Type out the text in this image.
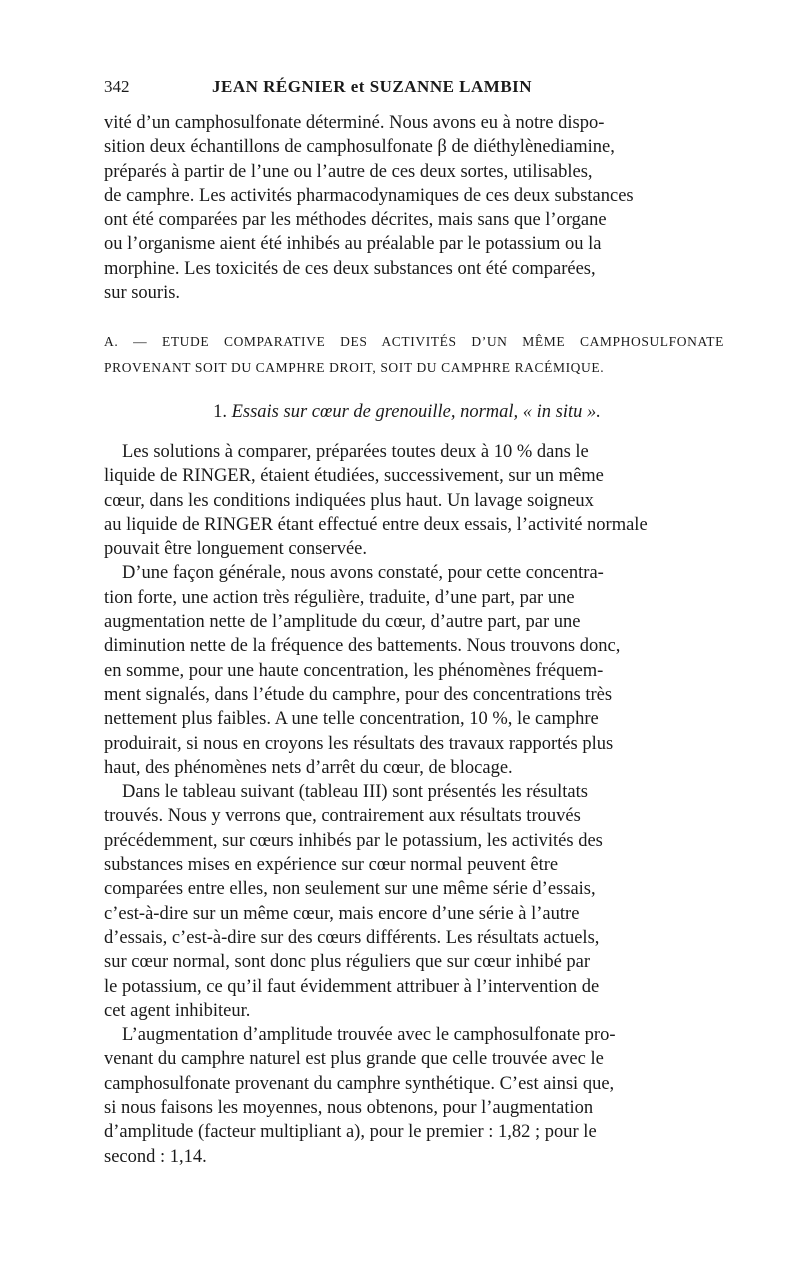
342	JEAN RÉGNIER et SUZANNE LAMBIN

vité d’un camphosulfonate déterminé. Nous avons eu à notre dispo-
sition deux échantillons de camphosulfonate β de diéthylènediamine,
préparés à partir de l’une ou l’autre de ces deux sortes, utilisables,
de camphre. Les activités pharmacodynamiques de ces deux substances
ont été comparées par les méthodes décrites, mais sans que l’organe
ou l’organisme aient été inhibés au préalable par le potassium ou la
morphine. Les toxicités de ces deux substances ont été comparées,
sur souris.

A. — ETUDE COMPARATIVE DES ACTIVITÉS D’UN MÊME CAMPHOSULFONATE
PROVENANT SOIT DU CAMPHRE DROIT, SOIT DU CAMPHRE RACÉMIQUE.
1. Essais sur cœur de grenouille, normal, « in situ ».

Les solutions à comparer, préparées toutes deux à 10 % dans le
liquide de RINGER, étaient étudiées, successivement, sur un même
cœur, dans les conditions indiquées plus haut. Un lavage soigneux
au liquide de RINGER étant effectué entre deux essais, l’activité normale
pouvait être longuement conservée.

D’une façon générale, nous avons constaté, pour cette concentra-
tion forte, une action très régulière, traduite, d’une part, par une
augmentation nette de l’amplitude du cœur, d’autre part, par une
diminution nette de la fréquence des battements. Nous trouvons donc,
en somme, pour une haute concentration, les phénomènes fréquem-
ment signalés, dans l’étude du camphre, pour des concentrations très
nettement plus faibles. A une telle concentration, 10 %, le camphre
produirait, si nous en croyons les résultats des travaux rapportés plus
haut, des phénomènes nets d’arrêt du cœur, de blocage.

Dans le tableau suivant (tableau III) sont présentés les résultats
trouvés. Nous y verrons que, contrairement aux résultats trouvés
précédemment, sur cœurs inhibés par le potassium, les activités des
substances mises en expérience sur cœur normal peuvent être
comparées entre elles, non seulement sur une même série d’essais,
c’est-à-dire sur un même cœur, mais encore d’une série à l’autre
d’essais, c’est-à-dire sur des cœurs différents. Les résultats actuels,
sur cœur normal, sont donc plus réguliers que sur cœur inhibé par
le potassium, ce qu’il faut évidemment attribuer à l’intervention de
cet agent inhibiteur.

L’augmentation d’amplitude trouvée avec le camphosulfonate pro-
venant du camphre naturel est plus grande que celle trouvée avec le
camphosulfonate provenant du camphre synthétique. C’est ainsi que,
si nous faisons les moyennes, nous obtenons, pour l’augmentation
d’amplitude (facteur multipliant a), pour le premier : 1,82 ; pour le
second : 1,14.
